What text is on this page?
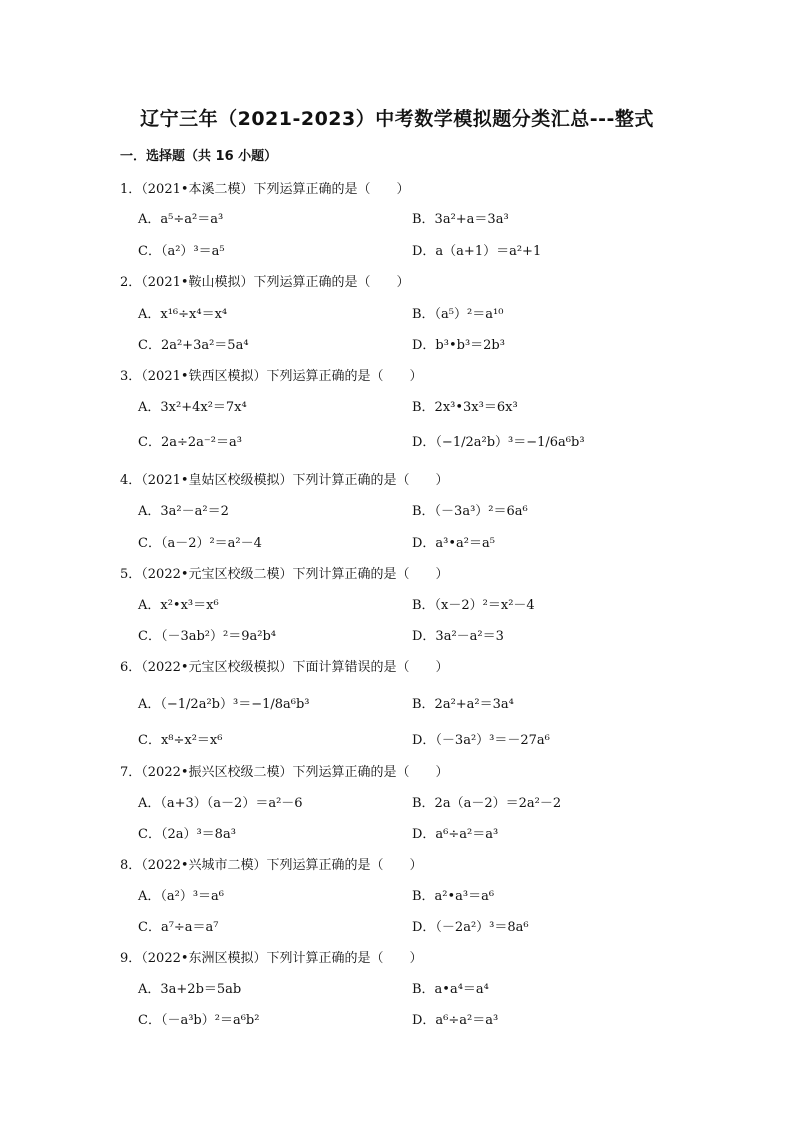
辽宁三年（2021-2023）中考数学模拟题分类汇总---整式
一．选择题（共 16 小题）
1．（2021•本溪二模）下列运算正确的是（　　）
A．a⁵÷a²＝a³	B．3a²+a＝3a³
C．（a²）³＝a⁵	D．a（a+1）＝a²+1
2．（2021•鞍山模拟）下列运算正确的是（　　）
A．x¹⁶÷x⁴＝x⁴	B．（a⁵）²＝a¹⁰
C．2a²+3a²＝5a⁴	D．b³•b³＝2b³
3．（2021•铁西区模拟）下列运算正确的是（　　）
A．3x²+4x²＝7x⁴	B．2x³•3x³＝6x³
C．2a÷2a⁻²＝a³	D．（−1/2a²b）³＝−1/6a⁶b³
4．（2021•皇姑区校级模拟）下列计算正确的是（　　）
A．3a²－a²＝2	B．（－3a³）²＝6a⁶
C．（a－2）²＝a²－4	D．a³•a²＝a⁵
5．（2022•元宝区校级二模）下列计算正确的是（　　）
A．x²•x³＝x⁶	B．（x－2）²＝x²－4
C．（－3ab²）²＝9a²b⁴	D．3a²－a²＝3
6．（2022•元宝区校级模拟）下面计算错误的是（　　）
A．（−1/2a²b）³＝−1/8a⁶b³	B．2a²+a²＝3a⁴
C．x⁸÷x²＝x⁶	D．（－3a²）³＝－27a⁶
7．（2022•振兴区校级二模）下列运算正确的是（　　）
A．（a+3）（a－2）＝a²－6	B．2a（a－2）＝2a²－2
C．（2a）³＝8a³	D．a⁶÷a²＝a³
8．（2022•兴城市二模）下列运算正确的是（　　）
A．（a²）³＝a⁶	B．a²•a³＝a⁶
C．a⁷÷a＝a⁷	D．（－2a²）³＝8a⁶
9．（2022•东洲区模拟）下列计算正确的是（　　）
A．3a+2b＝5ab	B．a•a⁴＝a⁴
C．（－a³b）²＝a⁶b²	D．a⁶÷a²＝a³
